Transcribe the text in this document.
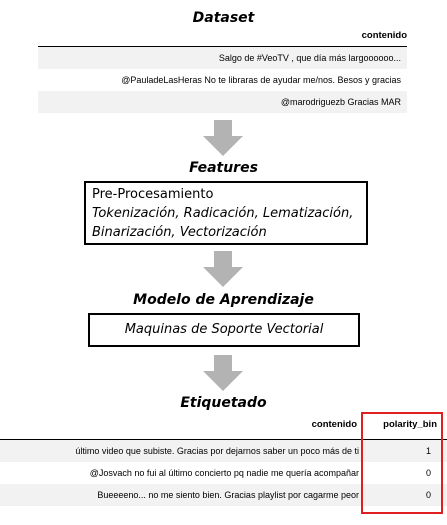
Dataset
contenido
Salgo de #VeoTV , que día más largoooooo...
@PauladeLasHeras No te libraras de ayudar me/nos. Besos y gracias
@marodriguezb Gracias MAR
Features
Pre-Procesamiento
Tokenización, Radicación, Lematización,
Binarización, Vectorización
Modelo de Aprendizaje
Maquinas de Soporte Vectorial
Etiquetado
contenido	polarity_bin
último video que subiste. Gracias por dejarnos saber un poco más de ti	1
@Josvach no fui al último concierto pq nadie me quería acompañar	0
Bueeeeno... no me siento bien. Gracias playlist por cagarme peor	0
